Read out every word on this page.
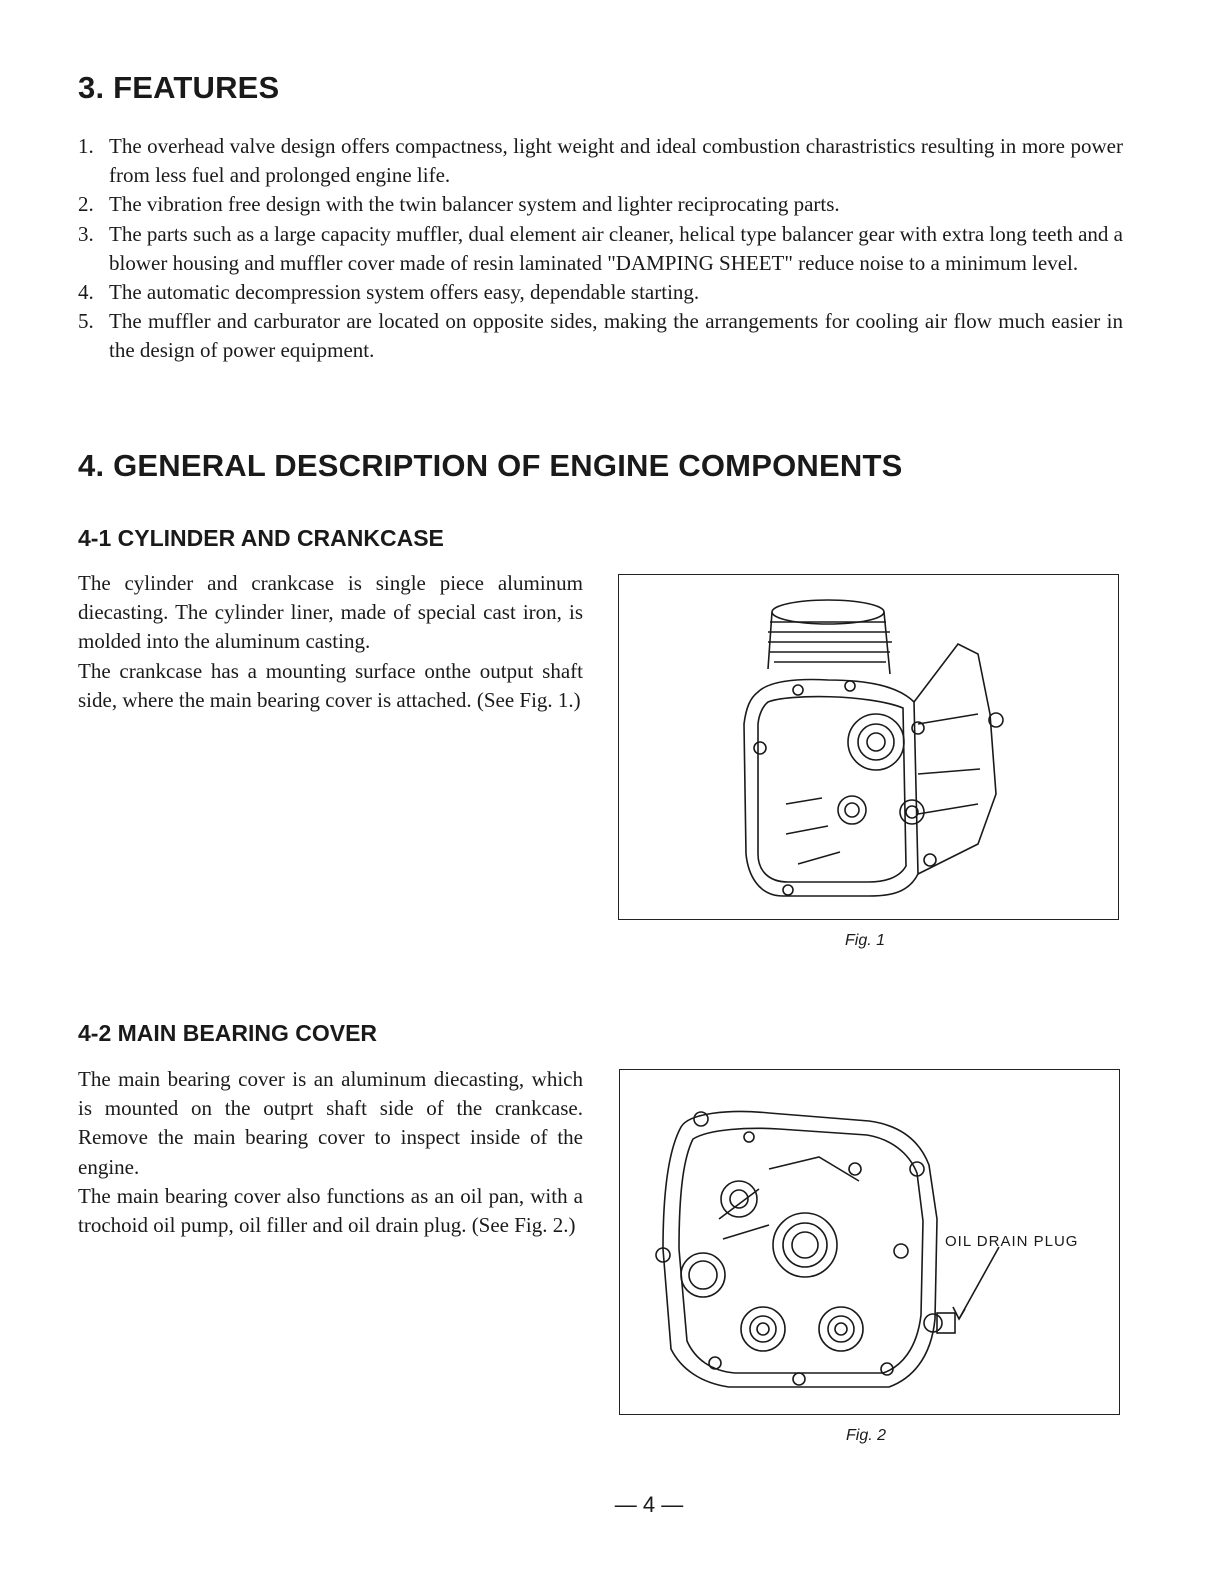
3. FEATURES
1. The overhead valve design offers compactness, light weight and ideal combustion charastristics resulting in more power from less fuel and prolonged engine life.
2. The vibration free design with the twin balancer system and lighter reciprocating parts.
3. The parts such as a large capacity muffler, dual element air cleaner, helical type balancer gear with extra long teeth and a blower housing and muffler cover made of resin laminated "DAMPING SHEET" reduce noise to a minimum level.
4. The automatic decompression system offers easy, dependable starting.
5. The muffler and carburator are located on opposite sides, making the arrangements for cooling air flow much easier in the design of power equipment.
4. GENERAL DESCRIPTION OF ENGINE COMPONENTS
4-1 CYLINDER AND CRANKCASE

The cylinder and crankcase is single piece aluminum diecasting. The cylinder liner, made of special cast iron, is molded into the aluminum casting.

The crankcase has a mounting surface onthe output shaft side, where the main bearing cover is attached. (See Fig. 1.)

Fig. 1
4-2 MAIN BEARING COVER

The main bearing cover is an aluminum diecasting, which is mounted on the outprt shaft side of the crankcase. Remove the main bearing cover to inspect inside of the engine.

The main bearing cover also functions as an oil pan, with a trochoid oil pump, oil filler and oil drain plug. (See Fig. 2.)

OIL DRAIN PLUG
Fig. 2
— 4 —
